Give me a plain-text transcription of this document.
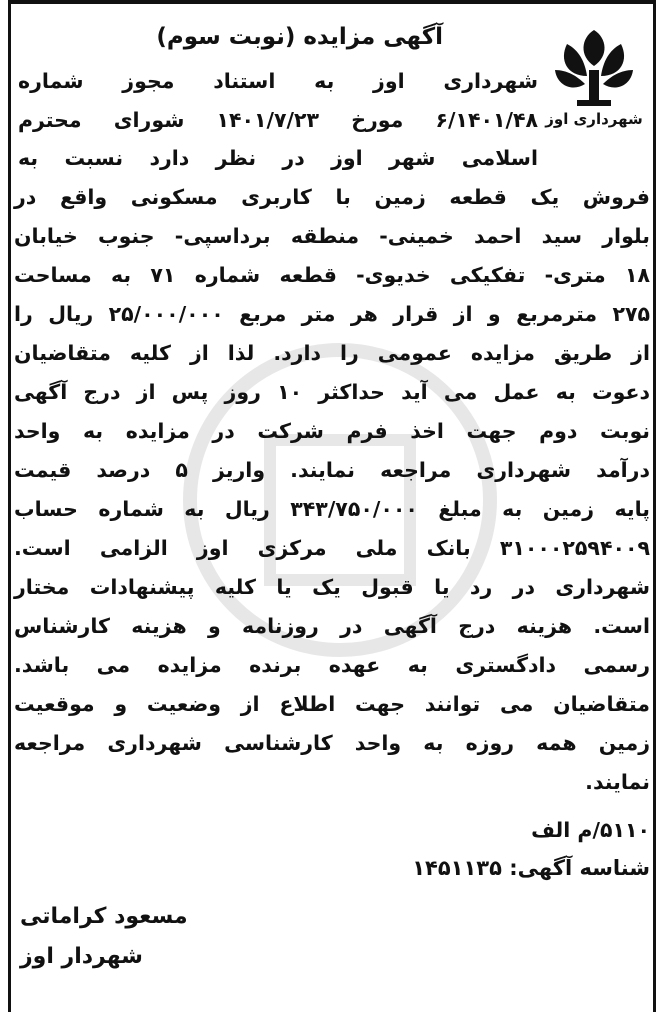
شهرداری اوز
آگهی مزایده (نوبت سوم)
شهرداری اوز به استناد مجوز شماره
۶/۱۴۰۱/۴۸ مورخ ۱۴۰۱/۷/۲۳ شورای محترم
اسلامی شهر اوز در نظر دارد نسبت به
فروش یک قطعه زمین با کاربری مسکونی واقع در
بلوار سید احمد خمینی- منطقه برداسپی- جنوب خیابان
۱۸ متری- تفکیکی خدیوی- قطعه شماره ۷۱ به مساحت
۲۷۵ مترمربع و از قرار هر متر مربع ۲۵/۰۰۰/۰۰۰ ریال را
از طریق مزایده عمومی را دارد. لذا از کلیه متقاضیان
دعوت به عمل می آید حداکثر ۱۰ روز پس از درج آگهی
نوبت دوم جهت اخذ فرم شرکت در مزایده به واحد
درآمد شهرداری مراجعه نمایند. واریز ۵ درصد قیمت
پایه زمین به مبلغ ۳۴۳/۷۵۰/۰۰۰ ریال به شماره حساب
۳۱۰۰۰۲۵۹۴۰۰۹ بانک ملی مرکزی اوز الزامی است.
شهرداری در رد یا قبول یک یا کلیه پیشنهادات مختار
است. هزینه درج آگهی در روزنامه و هزینه کارشناس
رسمی دادگستری به عهده برنده مزایده می باشد.
متقاضیان می توانند جهت اطلاع از وضعیت و موقعیت
زمین همه روزه به واحد کارشناسی شهرداری مراجعه
نمایند.
۵۱۱۰/م الف
شناسه آگهی: ۱۴۵۱۱۳۵
مسعود کراماتی
شهردار اوز
